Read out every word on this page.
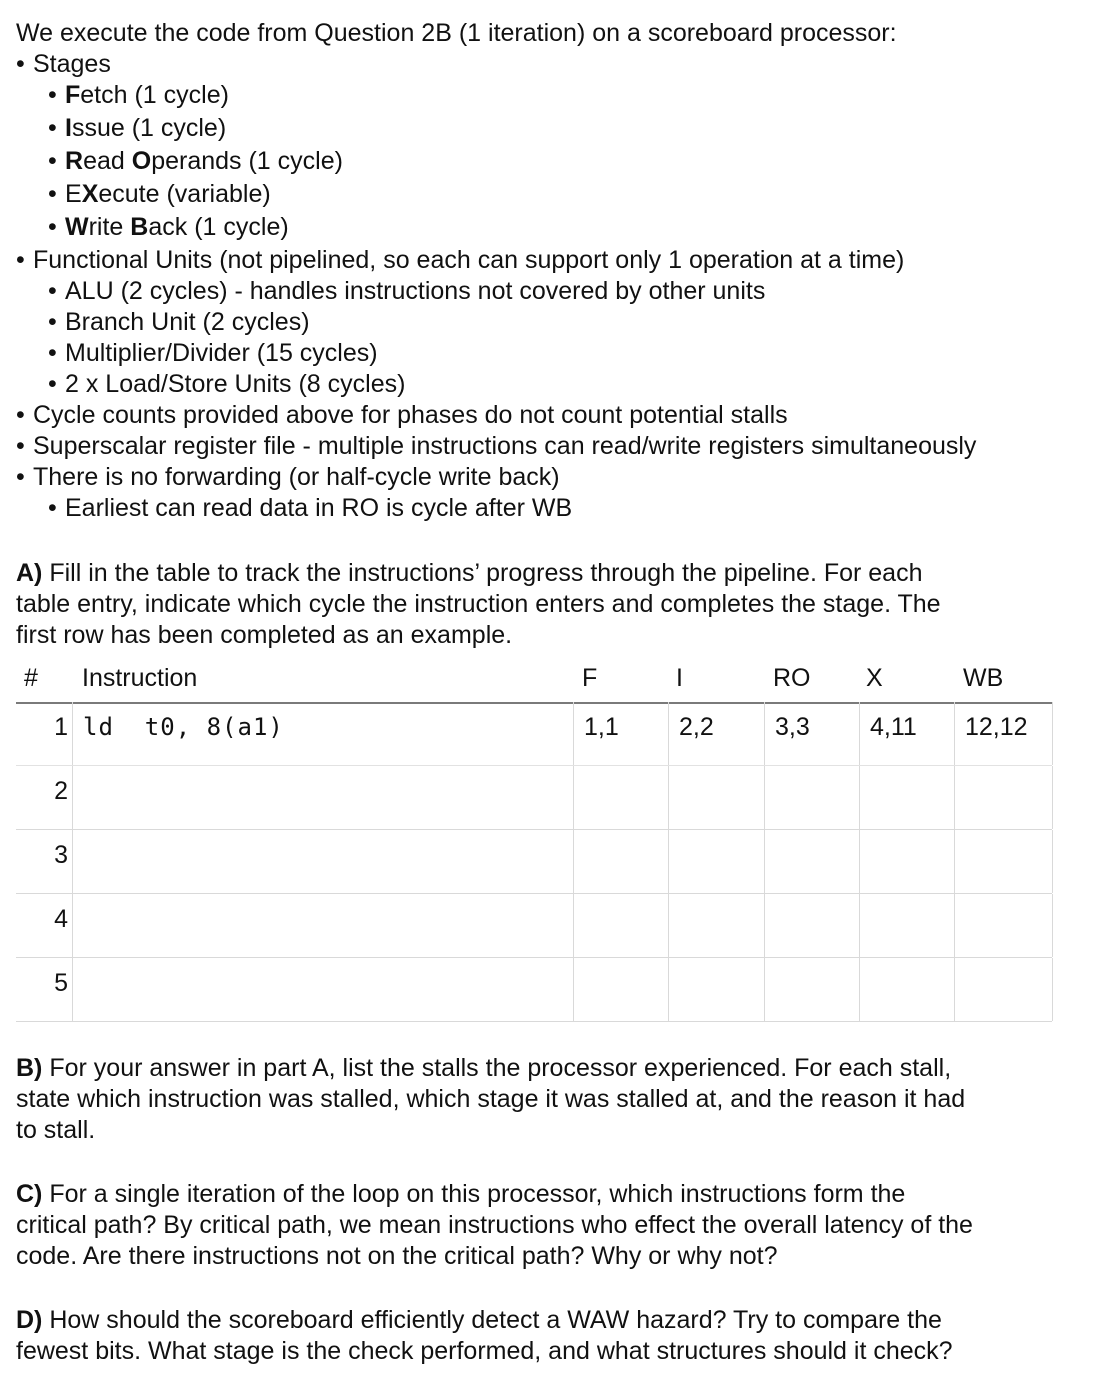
We execute the code from Question 2B (1 iteration) on a scoreboard processor:
• Stages
• Fetch (1 cycle)
• Issue (1 cycle)
• Read Operands (1 cycle)
• EXecute (variable)
• Write Back (1 cycle)
• Functional Units (not pipelined, so each can support only 1 operation at a time)
• ALU (2 cycles) - handles instructions not covered by other units
• Branch Unit (2 cycles)
• Multiplier/Divider (15 cycles)
• 2 x Load/Store Units (8 cycles)
• Cycle counts provided above for phases do not count potential stalls
• Superscalar register file - multiple instructions can read/write registers simultaneously
• There is no forwarding (or half-cycle write back)
• Earliest can read data in RO is cycle after WB
A) Fill in the table to track the instructions’ progress through the pipeline. For each
table entry, indicate which cycle the instruction enters and completes the stage. The
first row has been completed as an example.
# Instruction	F	I	RO X	WB
1 ld  t0, 8(a1)	1,1 2,2 3,3 4,11 12,12
2
3
4
5
B) For your answer in part A, list the stalls the processor experienced. For each stall,
state which instruction was stalled, which stage it was stalled at, and the reason it had
to stall.
C) For a single iteration of the loop on this processor, which instructions form the
critical path? By critical path, we mean instructions who effect the overall latency of the
code. Are there instructions not on the critical path? Why or why not?
D) How should the scoreboard efficiently detect a WAW hazard? Try to compare the
fewest bits. What stage is the check performed, and what structures should it check?
